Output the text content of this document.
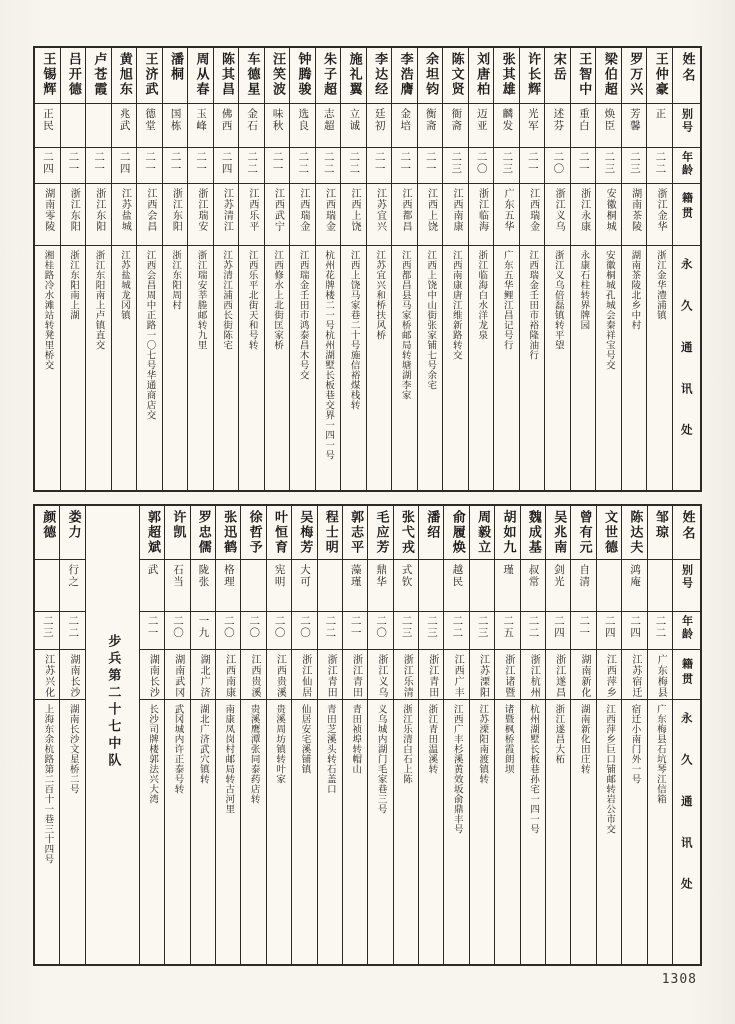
姓名
别号
年龄
籍贯
永久通讯处
王仲豪
正
二二
浙江金华
浙江金华澧浦镇
罗万兴
芳馨
二三
湖南茶陵
湖南茶陵北乡中村
梁伯超
焕臣
二三
安徽桐城
安徽桐城孔城会秦祥宝号交
王智中
重白
二一
浙江永康
永康石柱转界牌园
宋岳
述芬
二〇
浙江义乌
浙江义乌倍磊镇转平望
许长辉
光军
二一
江西瑞金
江西瑞金壬田市裕隆油行
张其雄
麟发
二三
广东五华
广东五华鲤江昌记号行
刘唐柏
迈亚
二〇
浙江临海
浙江临海白水洋龙泉
陈文贤
衙斋
二三
江西南康
江西南康唐江维新路转交
余坦钧
衡斋
二一
江西上饶
江西上饶中山街张家铺七号余宅
李浩膺
金培
二一
江西都昌
江西都昌县马家桥邮局转塘湖李家
李达经
廷初
二一
江苏宜兴
江苏宜兴和桥扶风桥
施礼翼
立诚
二二
江西上饶
江西上饶马家巷二十号施信裕煤栈转
朱子超
志超
二二
江西瑞金
杭州花牌楼二一号杭州湖墅长板巷交界一四一号
钟腾骏
选良
二二
江西瑞金
江西瑞金壬田市鸿泰昌木号交
汪笑波
味秋
二一
江西武宁
江西修水上北街匡家桥
车德星
金石
二二
江西乐平
江西乐平北街天和号转
陈其昌
佛西
二四
江苏清江
江苏清江浦西长街陈宅
周从春
玉峰
二一
浙江瑞安
浙江瑞安莘塍邮转九里
潘桐
国栋
二一
浙江东阳
浙江东阳周村
王济武
德堂
二一
江西会昌
江西会昌周中正路一〇七号华通商店交
黄旭东
兆武
二四
江苏盐城
江苏盐城龙冈镇
卢苍霞
二一
浙江东阳
浙江东阳南上卢镇直交
吕开德
二一
浙江东阳
浙江东阳南上湖
王锡辉
正民
二四
湖南零陵
湘桂路冷水滩站转凳里桥交
姓名
别号
年龄
籍贯
永久通讯处
邹琼
二二
广东梅县
广东梅县石坑琴江信箱
陈达夫
鸿庵
二四
江苏宿迁
宿迁小南门外一号
文世德
二四
江西萍乡
江西萍乡巨口铺邮转岩公市交
曾有元
自清
二一
湖南新化
湖南新化田庄转
吴兆南
剑光
二四
浙江遂昌
浙江遂昌大柘
魏成基
叔常
二二
浙江杭州
杭州湖墅长板巷孙宅一四一号
胡如九
瑾
二五
浙江诸暨
诸暨枫桥霞朗坝
周毅立
二三
江苏溧阳
江苏溧阳南渡镇转
俞履焕
越民
二二
江西广丰
江西广丰杉溪黄效坂俞鼎丰号
潘绍
二三
浙江青田
浙江青田温溪转
张弋戎
式钦
二三
浙江乐清
浙江乐清白石上陈
毛应芳
鼎华
二〇
浙江义乌
义乌城内湖门毛家巷三号
郭志平
藻瑾
二一
浙江青田
青田祯埠转帽山
程士明
二二
浙江青田
青田芝溪头转石盖口
吴梅芳
大可
二〇
浙江仙居
仙居安宅溪铺镇
叶恒育
宪明
二〇
江西贵溪
贵溪周坊镇转叶家
徐哲予
二〇
江西贵溪
贵溪鹰潭张同泰药店转
张迅鹤
格理
二〇
江西南康
南康凤岗村邮局转古河里
罗忠儒
陇张
一九
湖北广济
湖北广济武穴镇转
许凯
石当
二〇
湖南武冈
武冈城内许正泰号转
郭超斌
武
二一
湖南长沙
长沙司牌楼郭法兴大湾
步兵第二十七中队
娄力
行之
二二
湖南长沙
湖南长沙文星桥二号
颜德
二三
江苏兴化
上海东余杭路第二百十一巷三十四号
1308
